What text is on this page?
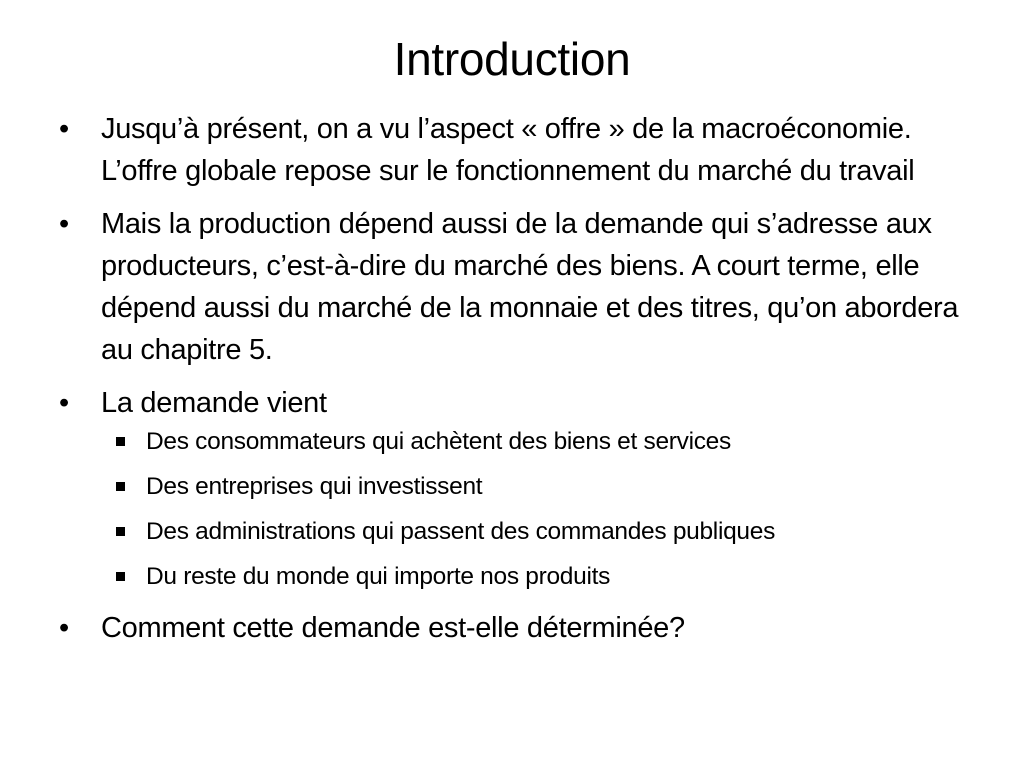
Introduction
• Jusqu’à présent, on a vu l’aspect « offre » de la macroéconomie. L’offre globale repose sur le fonctionnement du marché du travail
• Mais la production dépend aussi de la demande qui s’adresse aux producteurs, c’est-à-dire du marché des biens. A court terme, elle dépend aussi du marché de la monnaie et des titres, qu’on abordera au chapitre 5.
• La demande vient
Des consommateurs qui achètent des biens et services
Des entreprises qui investissent
Des administrations qui passent des commandes publiques
Du reste du monde qui importe nos produits
• Comment cette demande est-elle déterminée?
